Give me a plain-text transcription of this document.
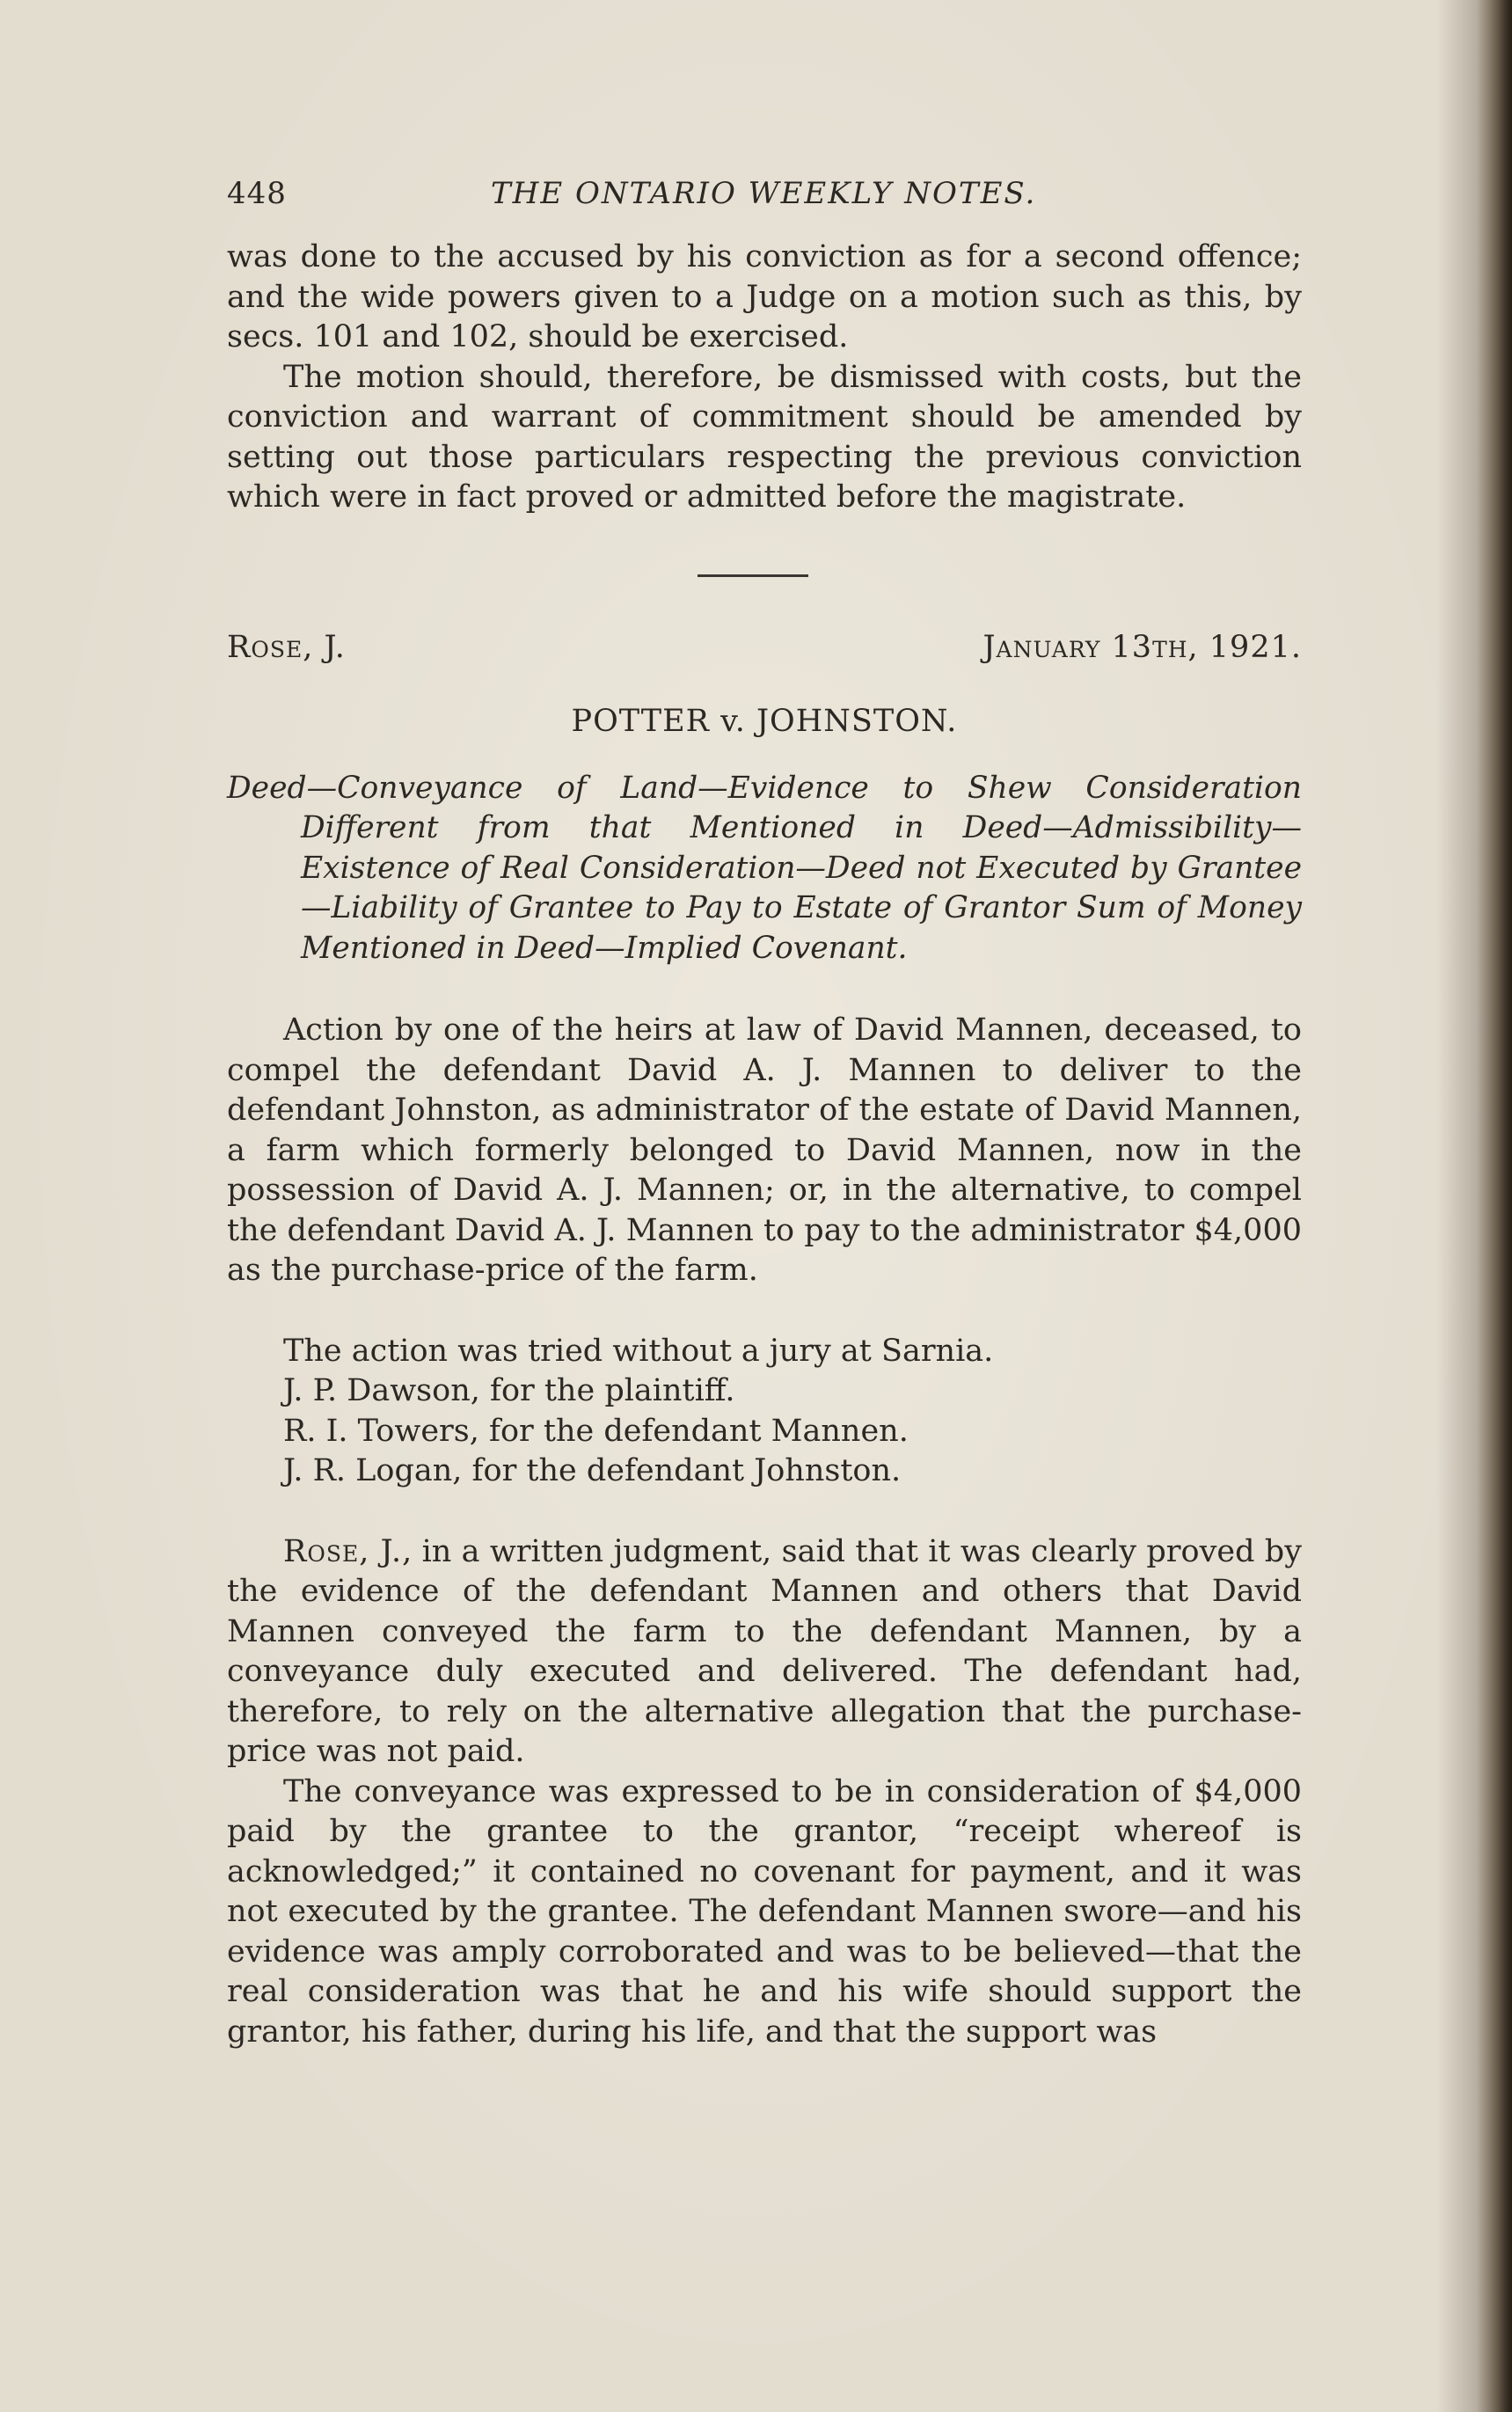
448	THE ONTARIO WEEKLY NOTES.

was done to the accused by his conviction as for a second offence; and the wide powers given to a Judge on a motion such as this, by secs. 101 and 102, should be exercised.

The motion should, therefore, be dismissed with costs, but the conviction and warrant of commitment should be amended by setting out those particulars respecting the previous conviction which were in fact proved or admitted before the magistrate.

Rose, J.	January 13th, 1921.
POTTER v. JOHNSTON.

Deed—Conveyance of Land—Evidence to Shew Consideration Different from that Mentioned in Deed—Admissibility—Existence of Real Consideration—Deed not Executed by Grantee—Liability of Grantee to Pay to Estate of Grantor Sum of Money Mentioned in Deed—Implied Covenant.

Action by one of the heirs at law of David Mannen, deceased, to compel the defendant David A. J. Mannen to deliver to the defendant Johnston, as administrator of the estate of David Mannen, a farm which formerly belonged to David Mannen, now in the possession of David A. J. Mannen; or, in the alternative, to compel the defendant David A. J. Mannen to pay to the administrator $4,000 as the purchase-price of the farm.

The action was tried without a jury at Sarnia.

J. P. Dawson, for the plaintiff.

R. I. Towers, for the defendant Mannen.

J. R. Logan, for the defendant Johnston.

Rose, J., in a written judgment, said that it was clearly proved by the evidence of the defendant Mannen and others that David Mannen conveyed the farm to the defendant Mannen, by a conveyance duly executed and delivered. The defendant had, therefore, to rely on the alternative allegation that the purchase-price was not paid.

The conveyance was expressed to be in consideration of $4,000 paid by the grantee to the grantor, “receipt whereof is acknowledged;” it contained no covenant for payment, and it was not executed by the grantee. The defendant Mannen swore—and his evidence was amply corroborated and was to be believed—that the real consideration was that he and his wife should support the grantor, his father, during his life, and that the support was
